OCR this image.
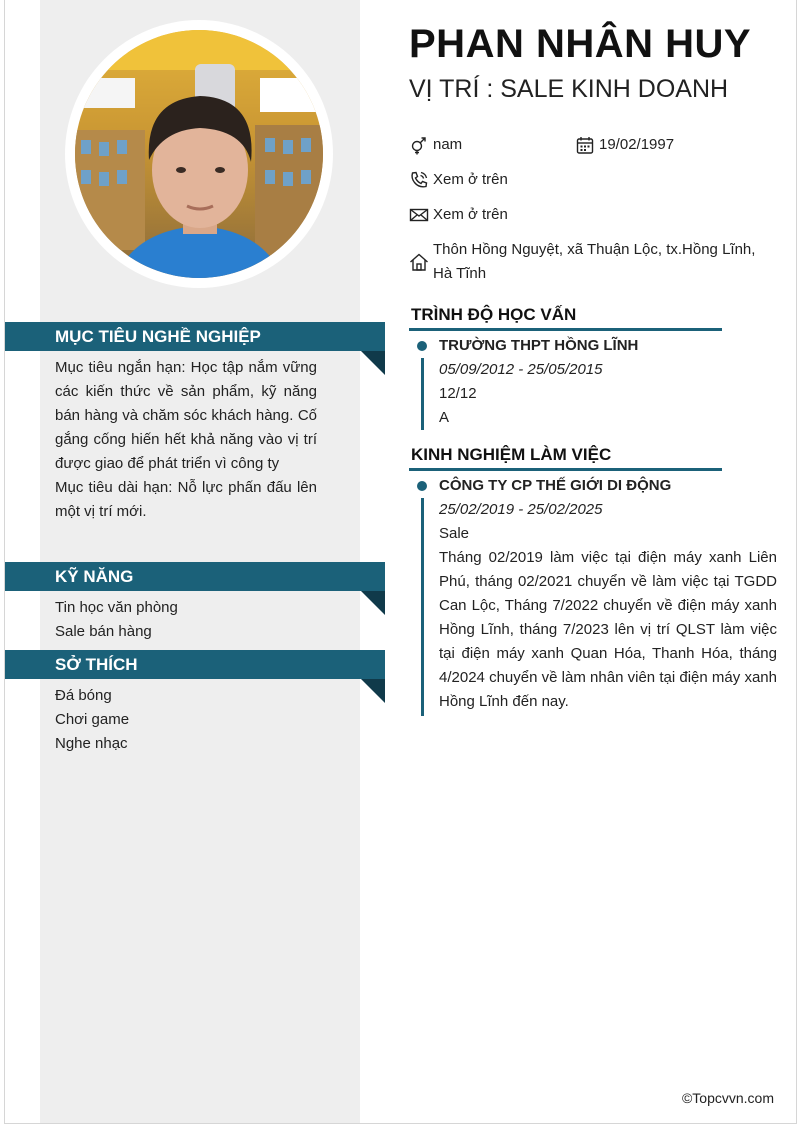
MỤC TIÊU NGHỀ NGHIỆP

Mục tiêu ngắn hạn: Học tập nắm vững các kiến thức về sản phẩm, kỹ năng bán hàng và chăm sóc khách hàng. Cố gắng cống hiến hết khả năng vào vị trí được giao để phát triển vì công ty

Mục tiêu dài hạn: Nỗ lực phấn đấu lên một vị trí mới.

KỸ NĂNG
Tin học văn phòng
Sale bán hàng
SỞ THÍCH
Đá bóng
Chơi game
Nghe nhạc
PHAN NHÂN HUY
VỊ TRÍ : SALE KINH DOANH
nam	19/02/1997
Xem ở trên
Xem ở trên
Thôn Hồng Nguyệt, xã Thuận Lộc, tx.Hồng Lĩnh, Hà Tĩnh
TRÌNH ĐỘ HỌC VẤN
TRƯỜNG THPT HỒNG LĨNH
05/09/2012 - 25/05/2015
12/12
A
KINH NGHIỆM LÀM VIỆC
CÔNG TY CP THẾ GIỚI DI ĐỘNG
25/02/2019 - 25/02/2025
Sale
Tháng 02/2019 làm việc tại điện máy xanh Liên Phú, tháng 02/2021 chuyển về làm việc tại TGDD Can Lộc, Tháng 7/2022 chuyển về điện máy xanh Hồng Lĩnh, tháng 7/2023 lên vị trí QLST làm việc tại điện máy xanh Quan Hóa, Thanh Hóa, tháng 4/2024 chuyển về làm nhân viên tại điện máy xanh Hồng Lĩnh đến nay.
©Topcvvn.com
